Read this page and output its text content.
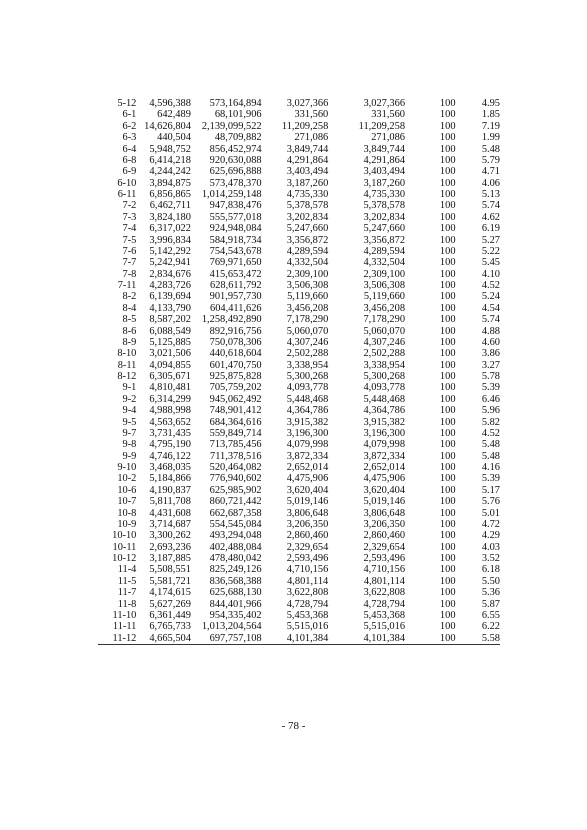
5-12	4,596,388	573,164,894	3,027,366	3,027,366	100	4.95
6-1	642,489	68,101,906	331,560	331,560	100	1.85
6-2	14,626,804	2,139,099,522	11,209,258	11,209,258	100	7.19
6-3	440,504	48,709,882	271,086	271,086	100	1.99
6-4	5,948,752	856,452,974	3,849,744	3,849,744	100	5.48
6-8	6,414,218	920,630,088	4,291,864	4,291,864	100	5.79
6-9	4,244,242	625,696,888	3,403,494	3,403,494	100	4.71
6-10	3,894,875	573,478,370	3,187,260	3,187,260	100	4.06
6-11	6,856,865	1,014,259,148	4,735,330	4,735,330	100	5.13
7-2	6,462,711	947,838,476	5,378,578	5,378,578	100	5.74
7-3	3,824,180	555,577,018	3,202,834	3,202,834	100	4.62
7-4	6,317,022	924,948,084	5,247,660	5,247,660	100	6.19
7-5	3,996,834	584,918,734	3,356,872	3,356,872	100	5.27
7-6	5,142,292	754,543,678	4,289,594	4,289,594	100	5.22
7-7	5,242,941	769,971,650	4,332,504	4,332,504	100	5.45
7-8	2,834,676	415,653,472	2,309,100	2,309,100	100	4.10
7-11	4,283,726	628,611,792	3,506,308	3,506,308	100	4.52
8-2	6,139,694	901,957,730	5,119,660	5,119,660	100	5.24
8-4	4,133,790	604,411,626	3,456,208	3,456,208	100	4.54
8-5	8,587,202	1,258,492,890	7,178,290	7,178,290	100	5.74
8-6	6,088,549	892,916,756	5,060,070	5,060,070	100	4.88
8-9	5,125,885	750,078,306	4,307,246	4,307,246	100	4.60
8-10	3,021,506	440,618,604	2,502,288	2,502,288	100	3.86
8-11	4,094,855	601,470,750	3,338,954	3,338,954	100	3.27
8-12	6,305,671	925,875,828	5,300,268	5,300,268	100	5.78
9-1	4,810,481	705,759,202	4,093,778	4,093,778	100	5.39
9-2	6,314,299	945,062,492	5,448,468	5,448,468	100	6.46
9-4	4,988,998	748,901,412	4,364,786	4,364,786	100	5.96
9-5	4,563,652	684,364,616	3,915,382	3,915,382	100	5.82
9-7	3,731,435	559,849,714	3,196,300	3,196,300	100	4.52
9-8	4,795,190	713,785,456	4,079,998	4,079,998	100	5.48
9-9	4,746,122	711,378,516	3,872,334	3,872,334	100	5.48
9-10	3,468,035	520,464,082	2,652,014	2,652,014	100	4.16
10-2	5,184,866	776,940,602	4,475,906	4,475,906	100	5.39
10-6	4,190,837	625,985,902	3,620,404	3,620,404	100	5.17
10-7	5,811,708	860,721,442	5,019,146	5,019,146	100	5.76
10-8	4,431,608	662,687,358	3,806,648	3,806,648	100	5.01
10-9	3,714,687	554,545,084	3,206,350	3,206,350	100	4.72
10-10	3,300,262	493,294,048	2,860,460	2,860,460	100	4.29
10-11	2,693,236	402,488,084	2,329,654	2,329,654	100	4.03
10-12	3,187,885	478,480,042	2,593,496	2,593,496	100	3.52
11-4	5,508,551	825,249,126	4,710,156	4,710,156	100	6.18
11-5	5,581,721	836,568,388	4,801,114	4,801,114	100	5.50
11-7	4,174,615	625,688,130	3,622,808	3,622,808	100	5.36
11-8	5,627,269	844,401,966	4,728,794	4,728,794	100	5.87
11-10	6,361,449	954,335,402	5,453,368	5,453,368	100	6.55
11-11	6,765,733	1,013,204,564	5,515,016	5,515,016	100	6.22
11-12	4,665,504	697,757,108	4,101,384	4,101,384	100	5.58
- 78 -
